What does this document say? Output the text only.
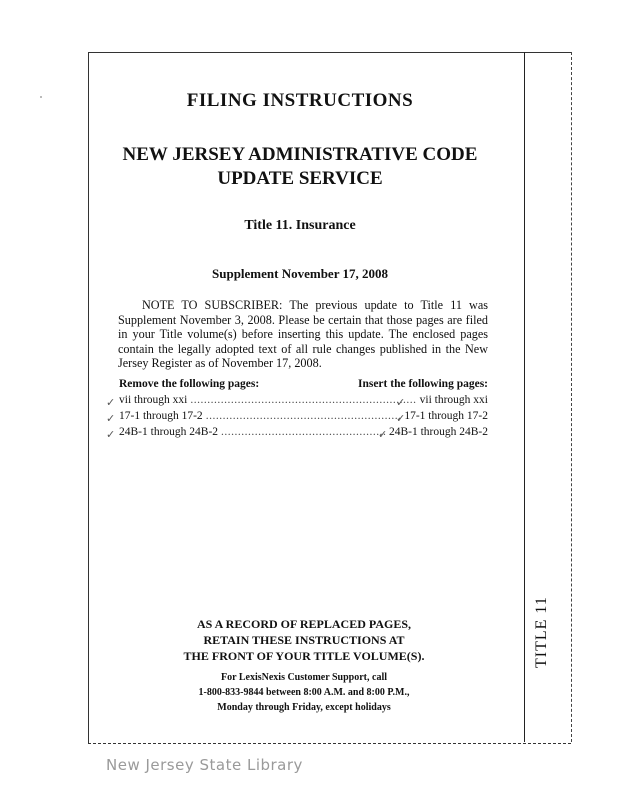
TITLE 11
FILING INSTRUCTIONS
NEW JERSEY ADMINISTRATIVE CODE
UPDATE SERVICE
Title 11. Insurance
Supplement November 17, 2008
NOTE TO SUBSCRIBER: The previous update to Title 11 was Supplement November 3, 2008. Please be certain that those pages are filed in your Title volume(s) before inserting this update. The enclosed pages contain the legally adopted text of all rule changes published in the New Jersey Register as of November 17, 2008.
Remove the following pages:	Insert the following pages:
vii through xxi .....	vii through xxi
17-1 through 17-2 .....	17-1 through 17-2
24B-1 through 24B-2 .....	24B-1 through 24B-2
✓
✓
✓
✓
✓
✓
AS A RECORD OF REPLACED PAGES,
RETAIN THESE INSTRUCTIONS AT
THE FRONT OF YOUR TITLE VOLUME(S).
For LexisNexis Customer Support, call
1-800-833-9844 between 8:00 A.M. and 8:00 P.M.,
Monday through Friday, except holidays
New Jersey State Library
